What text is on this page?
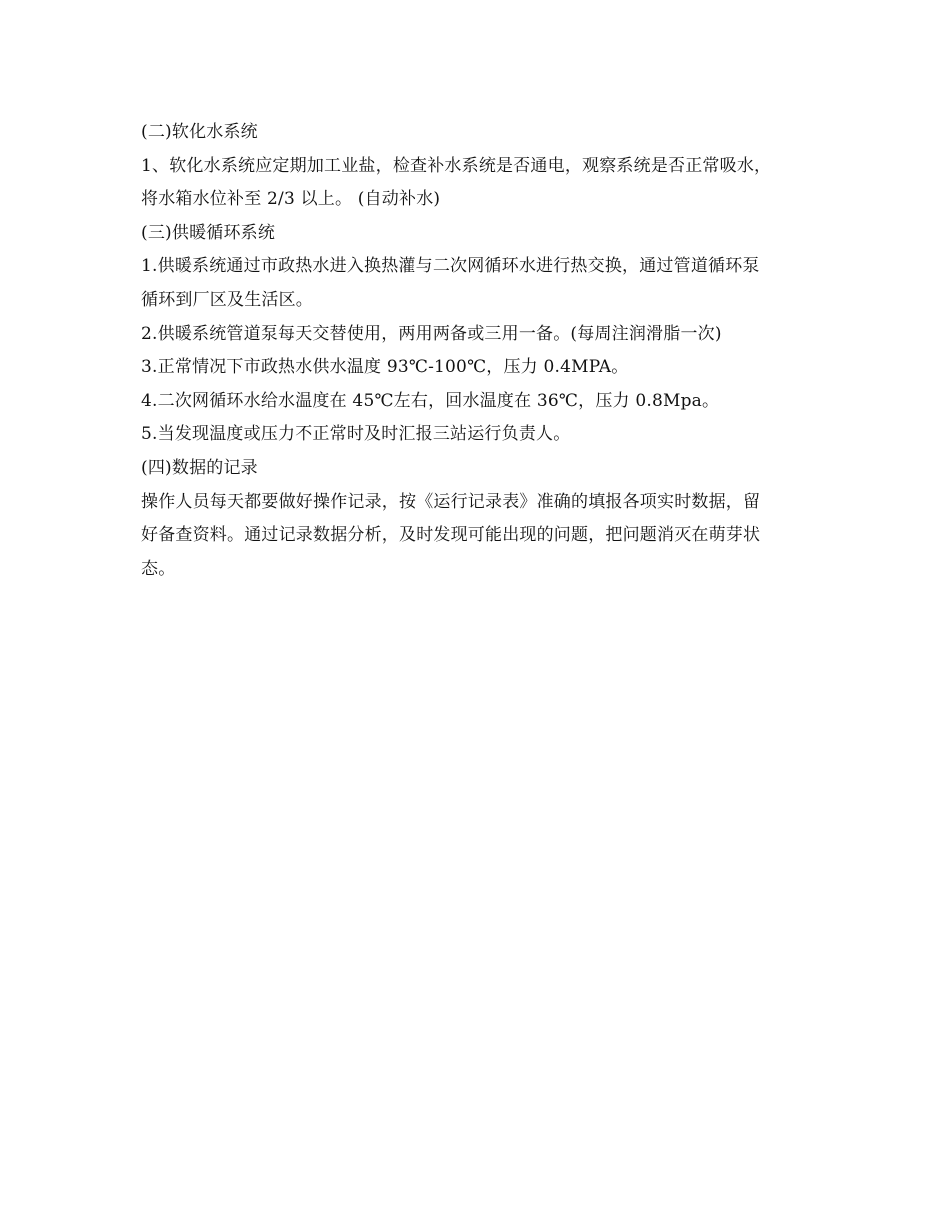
(二)软化水系统
1、软化水系统应定期加工业盐，检查补水系统是否通电，观察系统是否正常吸水，
将水箱水位补至 2/3 以上。 (自动补水)
(三)供暖循环系统
1.供暖系统通过市政热水进入换热灌与二次网循环水进行热交换，通过管道循环泵
循环到厂区及生活区。
2.供暖系统管道泵每天交替使用，两用两备或三用一备。(每周注润滑脂一次)
3.正常情况下市政热水供水温度 93℃-100℃，压力 0.4MPA。
4.二次网循环水给水温度在 45℃左右，回水温度在 36℃，压力 0.8Mpa。
5.当发现温度或压力不正常时及时汇报三站运行负责人。
(四)数据的记录
操作人员每天都要做好操作记录，按《运行记录表》准确的填报各项实时数据，留
好备查资料。通过记录数据分析，及时发现可能出现的问题，把问题消灭在萌芽状
态。
